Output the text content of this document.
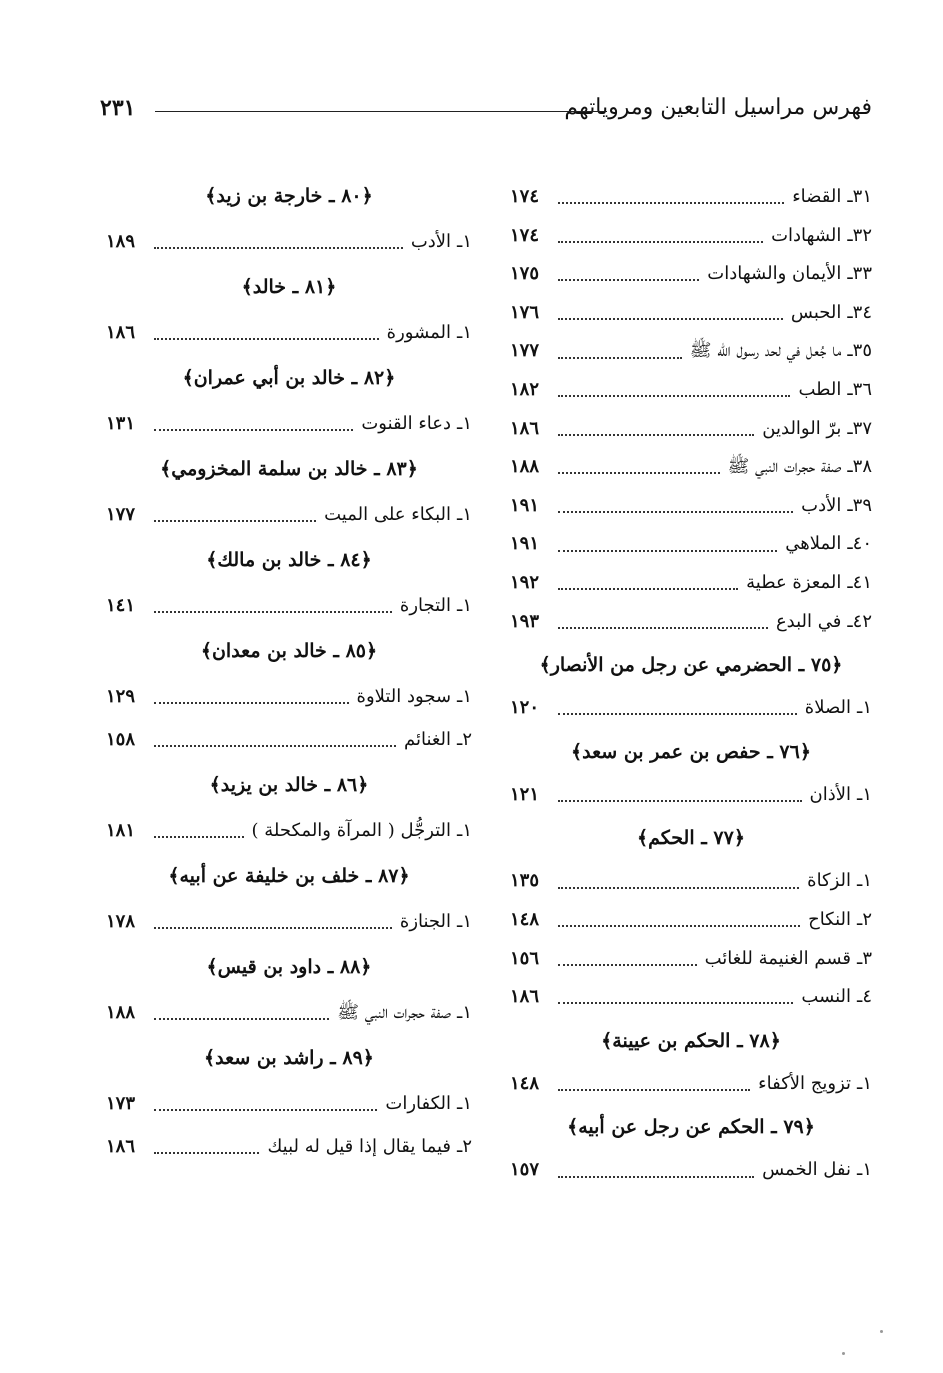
فهرس مراسيل التابعين ومروياتهم
٢٣١
٣١
ـ
القضاء
١٧٤
٣٢
ـ
الشهادات
١٧٤
٣٣
ـ
الأيمان والشهادات
١٧٥
٣٤
ـ
الحبس
١٧٦
٣٥
ـ
ما جُعل في لحد رسول الله ﷺ
١٧٧
٣٦
ـ
الطب
١٨٢
٣٧
ـ
برّ الوالدين
١٨٦
٣٨
ـ
صفة حجرات النبي ﷺ
١٨٨
٣٩
ـ
الأدب
١٩١
٤٠
ـ
الملاهي
١٩١
٤١
ـ
المعزة عطية
١٩٢
٤٢
ـ
في البدع
١٩٣
﴿٧٥ ـ الحضرمي عن رجل من الأنصار﴾
١
ـ
الصلاة
١٢٠
﴿٧٦ ـ حفص بن عمر بن سعد﴾
١
ـ
الأذان
١٢١
﴿٧٧ ـ الحكم﴾
١
ـ
الزكاة
١٣٥
٢
ـ
النكاح
١٤٨
٣
ـ
قسم الغنيمة للغائب
١٥٦
٤
ـ
النسب
١٨٦
﴿٧٨ ـ الحكم بن عيينة﴾
١
ـ
تزويج الأكفاء
١٤٨
﴿٧٩ ـ الحكم عن رجل عن أبيه﴾
١
ـ
نفل الخمس
١٥٧
﴿٨٠ ـ خارجة بن زيد﴾
١
ـ
الأدب
١٨٩
﴿٨١ ـ خالد﴾
١
ـ
المشورة
١٨٦
﴿٨٢ ـ خالد بن أبي عمران﴾
١
ـ
دعاء القنوت
١٣١
﴿٨٣ ـ خالد بن سلمة المخزومي﴾
١
ـ
البكاء على الميت
١٧٧
﴿٨٤ ـ خالد بن مالك﴾
١
ـ
التجارة
١٤١
﴿٨٥ ـ خالد بن معدان﴾
١
ـ
سجود التلاوة
١٢٩
٢
ـ
الغنائم
١٥٨
﴿٨٦ ـ خالد بن يزيد﴾
١
ـ
الترجُّل ( المرآة والمكحلة )
١٨١
﴿٨٧ ـ خلف بن خليفة عن أبيه﴾
١
ـ
الجنازة
١٧٨
﴿٨٨ ـ داود بن قيس﴾
١
ـ
صفة حجرات النبي ﷺ
١٨٨
﴿٨٩ ـ راشد بن سعد﴾
١
ـ
الكفارات
١٧٣
٢
ـ
فيما يقال إذا قيل له لبيك
١٨٦
